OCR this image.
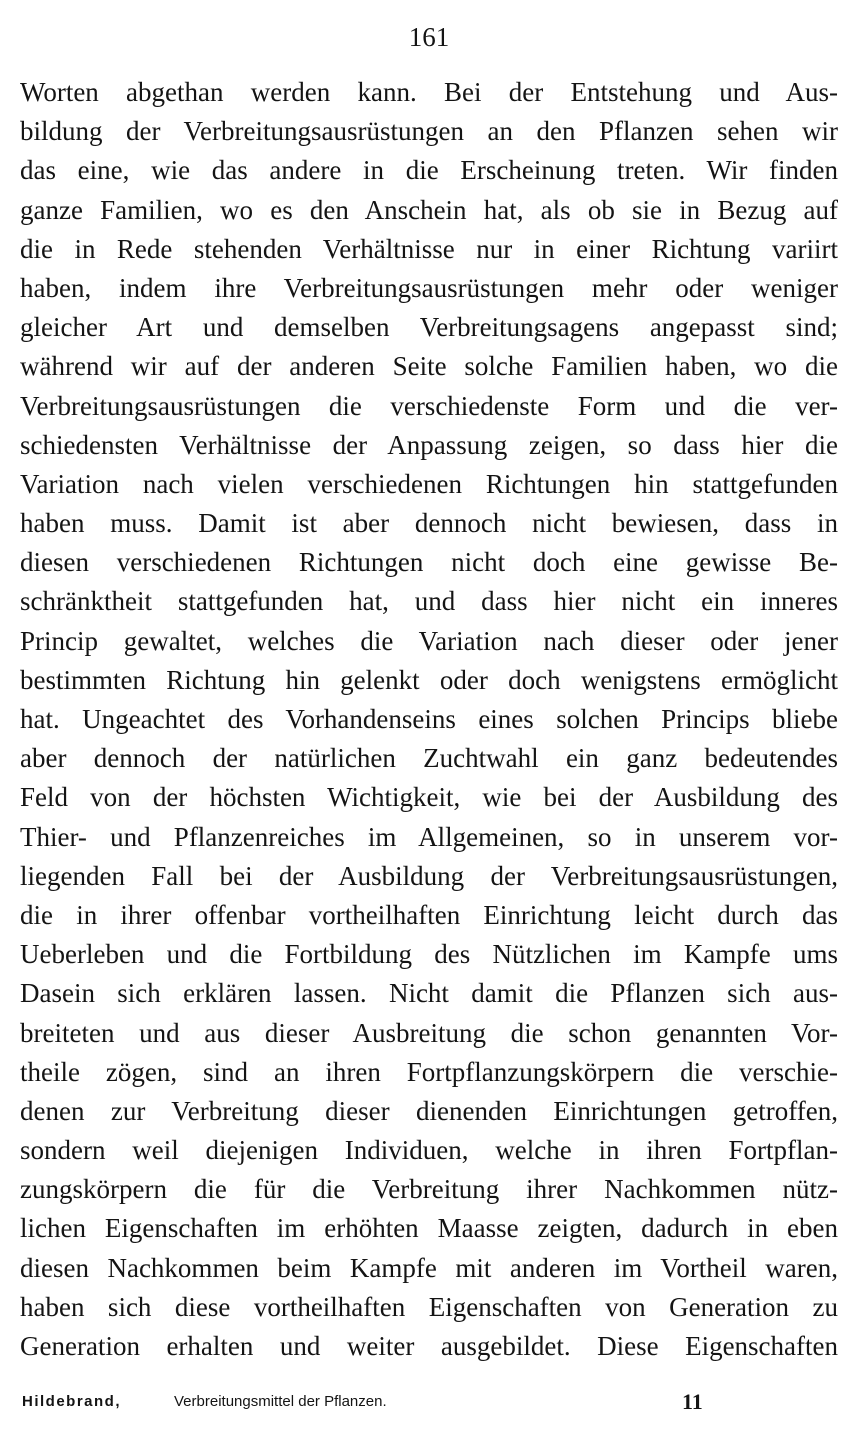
161
Worten abgethan werden kann. Bei der Entstehung und Aus-
bildung der Verbreitungsausrüstungen an den Pflanzen sehen wir
das eine, wie das andere in die Erscheinung treten. Wir finden
ganze Familien, wo es den Anschein hat, als ob sie in Bezug auf
die in Rede stehenden Verhältnisse nur in einer Richtung variirt
haben, indem ihre Verbreitungsausrüstungen mehr oder weniger
gleicher Art und demselben Verbreitungsagens angepasst sind;
während wir auf der anderen Seite solche Familien haben, wo die
Verbreitungsausrüstungen die verschiedenste Form und die ver-
schiedensten Verhältnisse der Anpassung zeigen, so dass hier die
Variation nach vielen verschiedenen Richtungen hin stattgefunden
haben muss. Damit ist aber dennoch nicht bewiesen, dass in
diesen verschiedenen Richtungen nicht doch eine gewisse Be-
schränktheit stattgefunden hat, und dass hier nicht ein inneres
Princip gewaltet, welches die Variation nach dieser oder jener
bestimmten Richtung hin gelenkt oder doch wenigstens ermöglicht
hat. Ungeachtet des Vorhandenseins eines solchen Princips bliebe
aber dennoch der natürlichen Zuchtwahl ein ganz bedeutendes
Feld von der höchsten Wichtigkeit, wie bei der Ausbildung des
Thier- und Pflanzenreiches im Allgemeinen, so in unserem vor-
liegenden Fall bei der Ausbildung der Verbreitungsausrüstungen,
die in ihrer offenbar vortheilhaften Einrichtung leicht durch das
Ueberleben und die Fortbildung des Nützlichen im Kampfe ums
Dasein sich erklären lassen. Nicht damit die Pflanzen sich aus-
breiteten und aus dieser Ausbreitung die schon genannten Vor-
theile zögen, sind an ihren Fortpflanzungskörpern die verschie-
denen zur Verbreitung dieser dienenden Einrichtungen getroffen,
sondern weil diejenigen Individuen, welche in ihren Fortpflan-
zungskörpern die für die Verbreitung ihrer Nachkommen nütz-
lichen Eigenschaften im erhöhten Maasse zeigten, dadurch in eben
diesen Nachkommen beim Kampfe mit anderen im Vortheil waren,
haben sich diese vortheilhaften Eigenschaften von Generation zu
Generation erhalten und weiter ausgebildet. Diese Eigenschaften
Hildebrand,	Verbreitungsmittel der Pflanzen.	11
